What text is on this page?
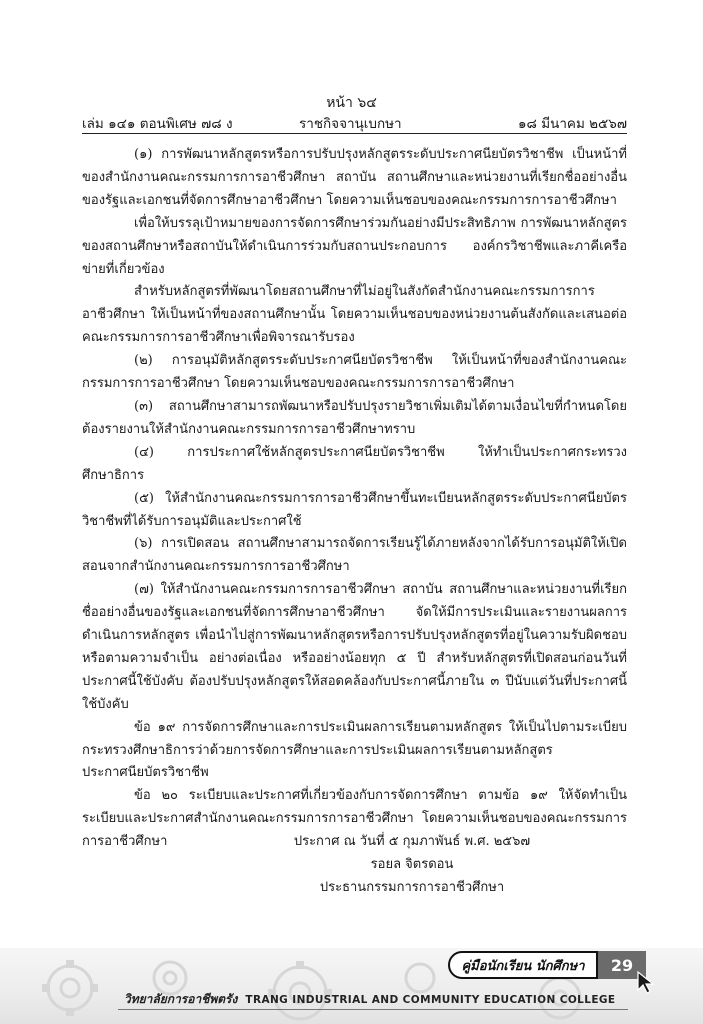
หน้า ๖๔
เล่ม ๑๔๑ ตอนพิเศษ ๗๘ ง	ราชกิจจานุเบกษา	๑๘ มีนาคม ๒๕๖๗

(๑) การพัฒนาหลักสูตรหรือการปรับปรุงหลักสูตรระดับประกาศนียบัตรวิชาชีพ เป็นหน้าที่ของสำนักงานคณะกรรมการการอาชีวศึกษา สถาบัน สถานศึกษาและหน่วยงานที่เรียกชื่ออย่างอื่นของรัฐและเอกชนที่จัดการศึกษาอาชีวศึกษา โดยความเห็นชอบของคณะกรรมการการอาชีวศึกษา

เพื่อให้บรรลุเป้าหมายของการจัดการศึกษาร่วมกันอย่างมีประสิทธิภาพ การพัฒนาหลักสูตรของสถานศึกษาหรือสถาบันให้ดำเนินการร่วมกับสถานประกอบการ องค์กรวิชาชีพและภาคีเครือข่ายที่เกี่ยวข้อง

สำหรับหลักสูตรที่พัฒนาโดยสถานศึกษาที่ไม่อยู่ในสังกัดสำนักงานคณะกรรมการการอาชีวศึกษา ให้เป็นหน้าที่ของสถานศึกษานั้น โดยความเห็นชอบของหน่วยงานต้นสังกัดและเสนอต่อคณะกรรมการการอาชีวศึกษาเพื่อพิจารณารับรอง

(๒) การอนุมัติหลักสูตรระดับประกาศนียบัตรวิชาชีพ ให้เป็นหน้าที่ของสำนักงานคณะกรรมการการอาชีวศึกษา โดยความเห็นชอบของคณะกรรมการการอาชีวศึกษา

(๓) สถานศึกษาสามารถพัฒนาหรือปรับปรุงรายวิชาเพิ่มเติมได้ตามเงื่อนไขที่กำหนดโดยต้องรายงานให้สำนักงานคณะกรรมการการอาชีวศึกษาทราบ

(๔) การประกาศใช้หลักสูตรประกาศนียบัตรวิชาชีพ ให้ทำเป็นประกาศกระทรวงศึกษาธิการ

(๕) ให้สำนักงานคณะกรรมการการอาชีวศึกษาขึ้นทะเบียนหลักสูตรระดับประกาศนียบัตรวิชาชีพที่ได้รับการอนุมัติและประกาศใช้

(๖) การเปิดสอน สถานศึกษาสามารถจัดการเรียนรู้ได้ภายหลังจากได้รับการอนุมัติให้เปิดสอนจากสำนักงานคณะกรรมการการอาชีวศึกษา

(๗) ให้สำนักงานคณะกรรมการการอาชีวศึกษา สถาบัน สถานศึกษาและหน่วยงานที่เรียกชื่ออย่างอื่นของรัฐและเอกชนที่จัดการศึกษาอาชีวศึกษา จัดให้มีการประเมินและรายงานผลการดำเนินการหลักสูตร เพื่อนำไปสู่การพัฒนาหลักสูตรหรือการปรับปรุงหลักสูตรที่อยู่ในความรับผิดชอบหรือตามความจำเป็น อย่างต่อเนื่อง หรืออย่างน้อยทุก ๕ ปี สำหรับหลักสูตรที่เปิดสอนก่อนวันที่ประกาศนี้ใช้บังคับ ต้องปรับปรุงหลักสูตรให้สอดคล้องกับประกาศนี้ภายใน ๓ ปีนับแต่วันที่ประกาศนี้ใช้บังคับ

ข้อ ๑๙ การจัดการศึกษาและการประเมินผลการเรียนตามหลักสูตร ให้เป็นไปตามระเบียบกระทรวงศึกษาธิการว่าด้วยการจัดการศึกษาและการประเมินผลการเรียนตามหลักสูตรประกาศนียบัตรวิชาชีพ

ข้อ ๒๐ ระเบียบและประกาศที่เกี่ยวข้องกับการจัดการศึกษา ตามข้อ ๑๙ ให้จัดทำเป็นระเบียบและประกาศสำนักงานคณะกรรมการการอาชีวศึกษา โดยความเห็นชอบของคณะกรรมการการอาชีวศึกษา	ประกาศ ณ วันที่ ๕ กุมภาพันธ์ พ.ศ. ๒๕๖๗
รอยล จิตรดอน
ประธานกรรมการการอาชีวศึกษา
คู่มือนักเรียน นักศึกษา	29
วิทยาลัยการอาชีพตรัง TRANG INDUSTRIAL AND COMMUNITY EDUCATION COLLEGE
